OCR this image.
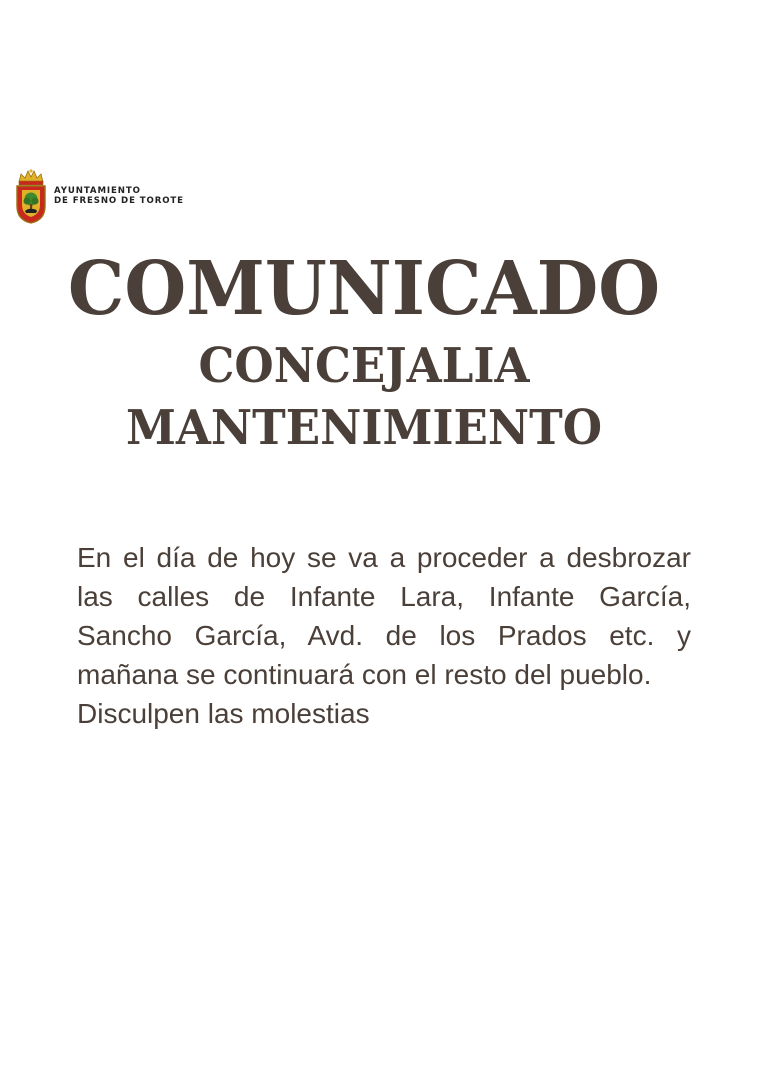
AYUNTAMIENTO
DE FRESNO DE TOROTE
COMUNICADO
CONCEJALIA
MANTENIMIENTO

En el día de hoy se va a proceder a desbrozar las calles de Infante Lara, Infante García, Sancho García, Avd. de los Prados etc. y mañana se continuará con el resto del pueblo.

Disculpen las molestias
